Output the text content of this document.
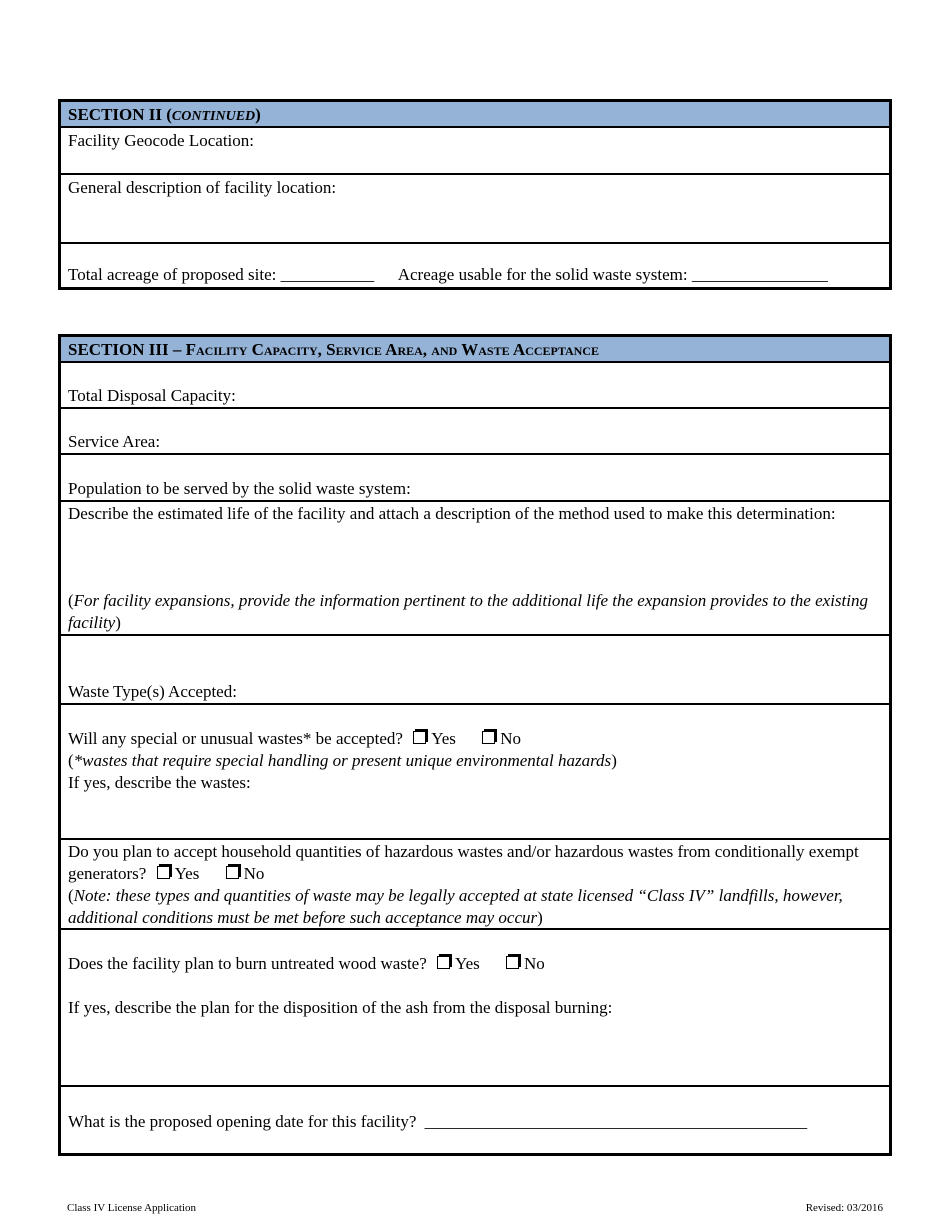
SECTION II (CONTINUED)
Facility Geocode Location:
General description of facility location:
Total acreage of proposed site: ___________ Acreage usable for the solid waste system: ________________
SECTION III – Facility Capacity, Service Area, and Waste Acceptance
Total Disposal Capacity:
Service Area:
Population to be served by the solid waste system:
Describe the estimated life of the facility and attach a description of the method used to make this determination:
(For facility expansions, provide the information pertinent to the additional life the expansion provides to the existing facility)
Waste Type(s) Accepted:
Will any special or unusual wastes* be accepted? Yes	No
(*wastes that require special handling or present unique environmental hazards)
If yes, describe the wastes:
Do you plan to accept household quantities of hazardous wastes and/or hazardous wastes from conditionally exempt generators? Yes	No
(Note: these types and quantities of waste may be legally accepted at state licensed “Class IV” landfills, however, additional conditions must be met before such acceptance may occur)
Does the facility plan to burn untreated wood waste? Yes	No
If yes, describe the plan for the disposition of the ash from the disposal burning:
What is the proposed opening date for this facility? _____________________________________________
Class IV License Application	Revised: 03/2016
